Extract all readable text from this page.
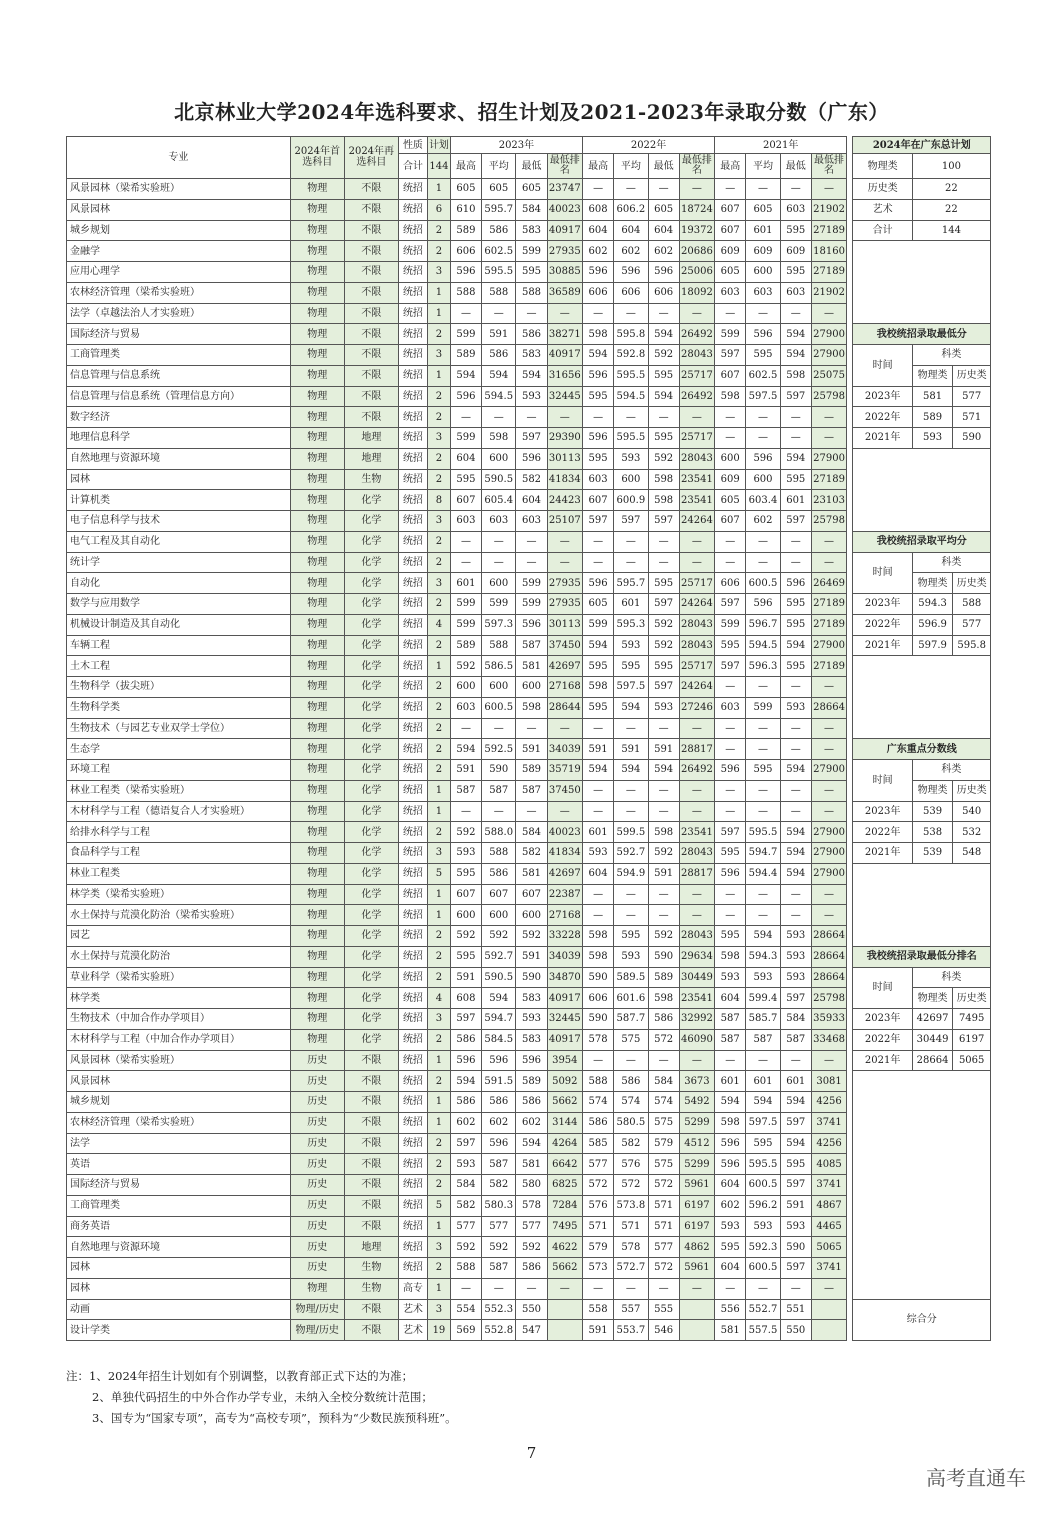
北京林业大学2024年选科要求、招生计划及2021-2023年录取分数（广东）
专业	2024年首选科目	2024年再选科目	性质	计划	2023年				2022年				2021年					2024年在广东总计划		
			合计	144	最高	平均	最低	最低排名	最高	平均	最低	最低排名	最高	平均	最低	最低排名		物理类	100	
风景园林（梁希实验班）	物理	不限	统招	1	605	605	605	23747	—	—	—	—	—	—	—	—		历史类	22	
风景园林	物理	不限	统招	6	610	595.7	584	40023	608	606.2	605	18724	607	605	603	21902		艺术	22	
城乡规划	物理	不限	统招	2	589	586	583	40917	604	604	604	19372	607	601	595	27189		合计	144	
金融学	物理	不限	统招	2	606	602.5	599	27935	602	602	602	20686	609	609	609	18160				
应用心理学	物理	不限	统招	3	596	595.5	595	30885	596	596	596	25006	605	600	595	27189				
农林经济管理（梁希实验班）	物理	不限	统招	1	588	588	588	36589	606	606	606	18092	603	603	603	21902				
法学（卓越法治人才实验班）	物理	不限	统招	1	—	—	—	—	—	—	—	—	—	—	—	—				
国际经济与贸易	物理	不限	统招	2	599	591	586	38271	598	595.8	594	26492	599	596	594	27900		我校统招录取最低分		
工商管理类	物理	不限	统招	3	589	586	583	40917	594	592.8	592	28043	597	595	594	27900		时间	科类	
信息管理与信息系统	物理	不限	统招	1	594	594	594	31656	596	595.5	595	25717	607	602.5	598	25075			物理类	历史类
信息管理与信息系统（管理信息方向）	物理	不限	统招	2	596	594.5	593	32445	595	594.5	594	26492	598	597.5	597	25798		2023年	581	577
数字经济	物理	不限	统招	2	—	—	—	—	—	—	—	—	—	—	—	—		2022年	589	571
地理信息科学	物理	地理	统招	3	599	598	597	29390	596	595.5	595	25717	—	—	—	—		2021年	593	590
自然地理与资源环境	物理	地理	统招	2	604	600	596	30113	595	593	592	28043	600	596	594	27900				
园林	物理	生物	统招	2	595	590.5	582	41834	603	600	598	23541	609	600	595	27189				
计算机类	物理	化学	统招	8	607	605.4	604	24423	607	600.9	598	23541	605	603.4	601	23103				
电子信息科学与技术	物理	化学	统招	3	603	603	603	25107	597	597	597	24264	607	602	597	25798				
电气工程及其自动化	物理	化学	统招	2	—	—	—	—	—	—	—	—	—	—	—	—		我校统招录取平均分		
统计学	物理	化学	统招	2	—	—	—	—	—	—	—	—	—	—	—	—		时间	科类	
自动化	物理	化学	统招	3	601	600	599	27935	596	595.7	595	25717	606	600.5	596	26469			物理类	历史类
数学与应用数学	物理	化学	统招	2	599	599	599	27935	605	601	597	24264	597	596	595	27189		2023年	594.3	588
机械设计制造及其自动化	物理	化学	统招	4	599	597.3	596	30113	599	595.3	592	28043	599	596.7	595	27189		2022年	596.9	577
车辆工程	物理	化学	统招	2	589	588	587	37450	594	593	592	28043	595	594.5	594	27900		2021年	597.9	595.8
土木工程	物理	化学	统招	1	592	586.5	581	42697	595	595	595	25717	597	596.3	595	27189				
生物科学（拔尖班）	物理	化学	统招	2	600	600	600	27168	598	597.5	597	24264	—	—	—	—				
生物科学类	物理	化学	统招	2	603	600.5	598	28644	595	594	593	27246	603	599	593	28664				
生物技术（与园艺专业双学士学位）	物理	化学	统招	2	—	—	—	—	—	—	—	—	—	—	—	—				
生态学	物理	化学	统招	2	594	592.5	591	34039	591	591	591	28817	—	—	—	—		广东重点分数线		
环境工程	物理	化学	统招	2	591	590	589	35719	594	594	594	26492	596	595	594	27900		时间	科类	
林业工程类（梁希实验班）	物理	化学	统招	1	587	587	587	37450	—	—	—	—	—	—	—	—			物理类	历史类
木材科学与工程（德语复合人才实验班）	物理	化学	统招	1	—	—	—	—	—	—	—	—	—	—	—	—		2023年	539	540
给排水科学与工程	物理	化学	统招	2	592	588.0	584	40023	601	599.5	598	23541	597	595.5	594	27900		2022年	538	532
食品科学与工程	物理	化学	统招	3	593	588	582	41834	593	592.7	592	28043	595	594.7	594	27900		2021年	539	548
林业工程类	物理	化学	统招	5	595	586	581	42697	604	594.9	591	28817	596	594.4	594	27900				
林学类（梁希实验班）	物理	化学	统招	1	607	607	607	22387	—	—	—	—	—	—	—	—				
水土保持与荒漠化防治（梁希实验班）	物理	化学	统招	1	600	600	600	27168	—	—	—	—	—	—	—	—				
园艺	物理	化学	统招	2	592	592	592	33228	598	595	592	28043	595	594	593	28664				
水土保持与荒漠化防治	物理	化学	统招	2	595	592.7	591	34039	598	593	590	29634	598	594.3	593	28664		我校统招录取最低分排名		
草业科学（梁希实验班）	物理	化学	统招	2	591	590.5	590	34870	590	589.5	589	30449	593	593	593	28664		时间	科类	
林学类	物理	化学	统招	4	608	594	583	40917	606	601.6	598	23541	604	599.4	597	25798			物理类	历史类
生物技术（中加合作办学项目）	物理	化学	统招	3	597	594.7	593	32445	590	587.7	586	32992	587	585.7	584	35933		2023年	42697	7495
木材科学与工程（中加合作办学项目）	物理	化学	统招	2	586	584.5	583	40917	578	575	572	46090	587	587	587	33468		2022年	30449	6197
风景园林（梁希实验班）	历史	不限	统招	1	596	596	596	3954	—	—	—	—	—	—	—	—		2021年	28664	5065
风景园林	历史	不限	统招	2	594	591.5	589	5092	588	586	584	3673	601	601	601	3081				
城乡规划	历史	不限	统招	1	586	586	586	5662	574	574	574	5492	594	594	594	4256				
农林经济管理（梁希实验班）	历史	不限	统招	1	602	602	602	3144	586	580.5	575	5299	598	597.5	597	3741				
法学	历史	不限	统招	2	597	596	594	4264	585	582	579	4512	596	595	594	4256				
英语	历史	不限	统招	2	593	587	581	6642	577	576	575	5299	596	595.5	595	4085				
国际经济与贸易	历史	不限	统招	2	584	582	580	6825	572	572	572	5961	604	600.5	597	3741				
工商管理类	历史	不限	统招	5	582	580.3	578	7284	576	573.8	571	6197	602	596.2	591	4867				
商务英语	历史	不限	统招	1	577	577	577	7495	571	571	571	6197	593	593	593	4465				
自然地理与资源环境	历史	地理	统招	3	592	592	592	4622	579	578	577	4862	595	592.3	590	5065				
园林	历史	生物	统招	2	588	587	586	5662	573	572.7	572	5961	604	600.5	597	3741				
园林	物理	生物	高专	1	—	—	—	—	—	—	—	—	—	—	—	—				
动画	物理/历史	不限	艺术	3	554	552.3	550		558	557	555		556	552.7	551			综合分		
设计学类	物理/历史	不限	艺术	19	569	552.8	547		591	553.7	546		581	557.5	550					
注：1、2024年招生计划如有个别调整，以教育部正式下达的为准；
2、单独代码招生的中外合作办学专业，未纳入全校分数统计范围；
3、国专为“国家专项”，高专为“高校专项”，预科为“少数民族预科班”。
7
高考直通车
